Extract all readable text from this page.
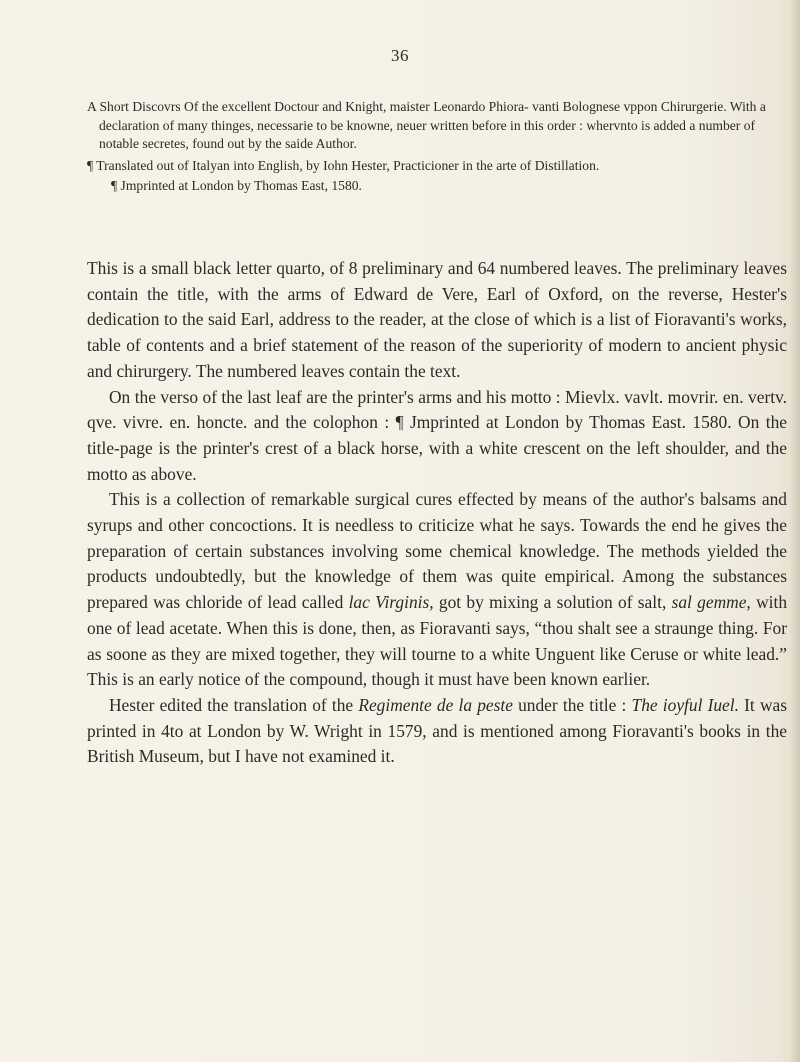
36

A Short Discovrs Of the excellent Doctour and Knight, maister Leonardo Phiora- vanti Bolognese vppon Chirurgerie. With a declaration of many thinges, necessarie to be knowne, neuer written before in this order : whervnto is added a number of notable secretes, found out by the saide Author.

¶ Translated out of Italyan into English, by Iohn Hester, Practicioner in the arte of Distillation.

¶ Jmprinted at London by Thomas East, 1580.

This is a small black letter quarto, of 8 preliminary and 64 numbered leaves. The preliminary leaves contain the title, with the arms of Edward de Vere, Earl of Oxford, on the reverse, Hester's dedication to the said Earl, address to the reader, at the close of which is a list of Fioravanti's works, table of contents and a brief statement of the reason of the superiority of modern to ancient physic and chirurgery. The numbered leaves contain the text.

On the verso of the last leaf are the printer's arms and his motto : Mievlx. vavlt. movrir. en. vertv. qve. vivre. en. honcte. and the colophon : ¶ Jmprinted at London by Thomas East. 1580. On the title-page is the printer's crest of a black horse, with a white crescent on the left shoulder, and the motto as above.

This is a collection of remarkable surgical cures effected by means of the author's balsams and syrups and other concoctions. It is needless to criticize what he says. Towards the end he gives the preparation of certain substances involving some chemical knowledge. The methods yielded the products undoubtedly, but the knowledge of them was quite empirical. Among the substances prepared was chloride of lead called lac Virginis, got by mixing a solution of salt, sal gemme, with one of lead acetate. When this is done, then, as Fioravanti says, “thou shalt see a straunge thing. For as soone as they are mixed together, they will tourne to a white Unguent like Ceruse or white lead.” This is an early notice of the compound, though it must have been known earlier.

Hester edited the translation of the Regimente de la peste under the title : The ioyful Iuel. It was printed in 4to at London by W. Wright in 1579, and is mentioned among Fioravanti's books in the British Museum, but I have not examined it.
